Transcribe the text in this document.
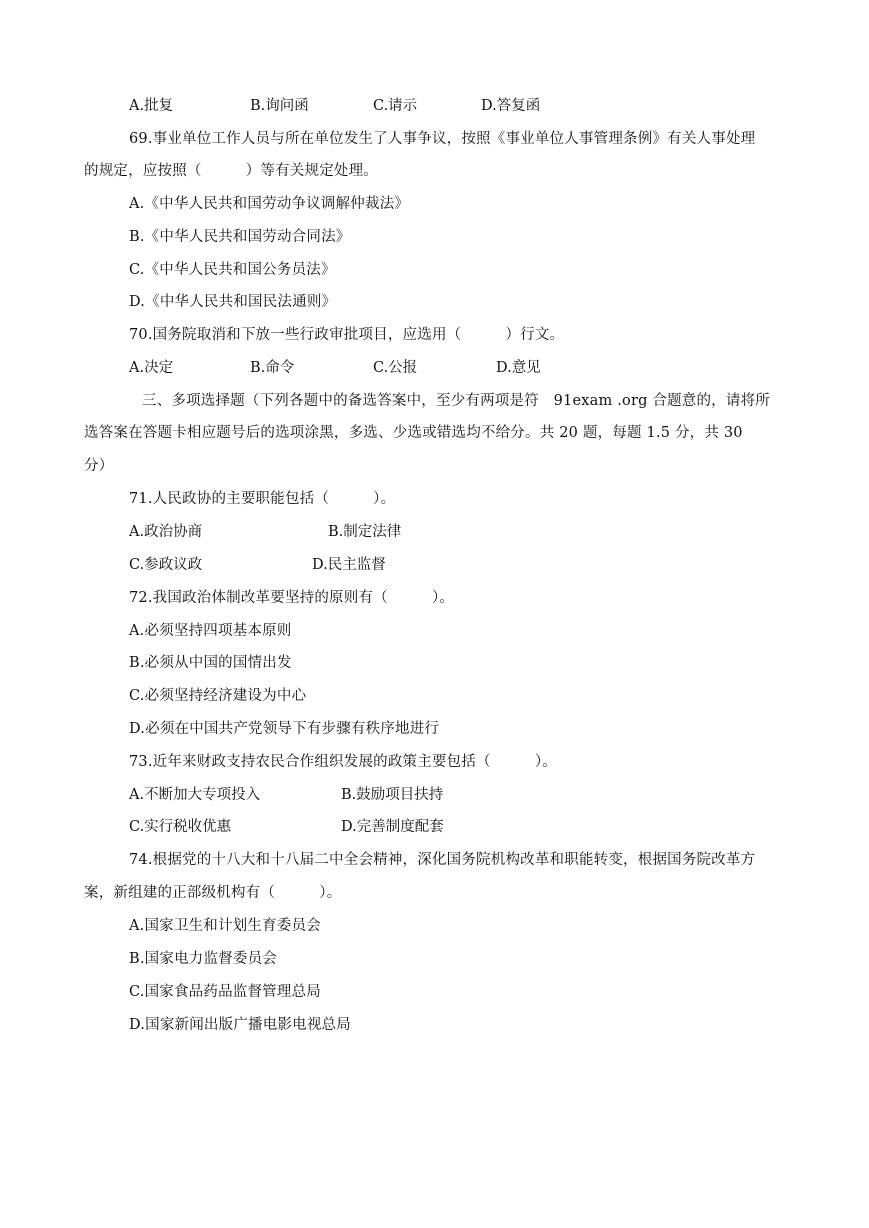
A.批复	B.询问函	C.请示	D.答复函
69.事业单位工作人员与所在单位发生了人事争议，按照《事业单位人事管理条例》有关人事处理
的规定，应按照（　　　）等有关规定处理。
A.《中华人民共和国劳动争议调解仲裁法》
B.《中华人民共和国劳动合同法》
C.《中华人民共和国公务员法》
D.《中华人民共和国民法通则》
70.国务院取消和下放一些行政审批项目，应选用（　　　）行文。
A.决定	B.命令	C.公报	D.意见
三、多项选择题（下列各题中的备选答案中，至少有两项是符　91exam .org 合题意的，请将所
选答案在答题卡相应题号后的选项涂黑，多选、少选或错选均不给分。共 20 题，每题 1.5 分，共 30
分）
71.人民政协的主要职能包括（　　　）。
A.政治协商	B.制定法律
C.参政议政	D.民主监督
72.我国政治体制改革要坚持的原则有（　　　）。
A.必须坚持四项基本原则
B.必须从中国的国情出发
C.必须坚持经济建设为中心
D.必须在中国共产党领导下有步骤有秩序地进行
73.近年来财政支持农民合作组织发展的政策主要包括（　　　）。
A.不断加大专项投入	B.鼓励项目扶持
C.实行税收优惠	D.完善制度配套
74.根据党的十八大和十八届二中全会精神，深化国务院机构改革和职能转变，根据国务院改革方
案，新组建的正部级机构有（　　　）。
A.国家卫生和计划生育委员会
B.国家电力监督委员会
C.国家食品药品监督管理总局
D.国家新闻出版广播电影电视总局
